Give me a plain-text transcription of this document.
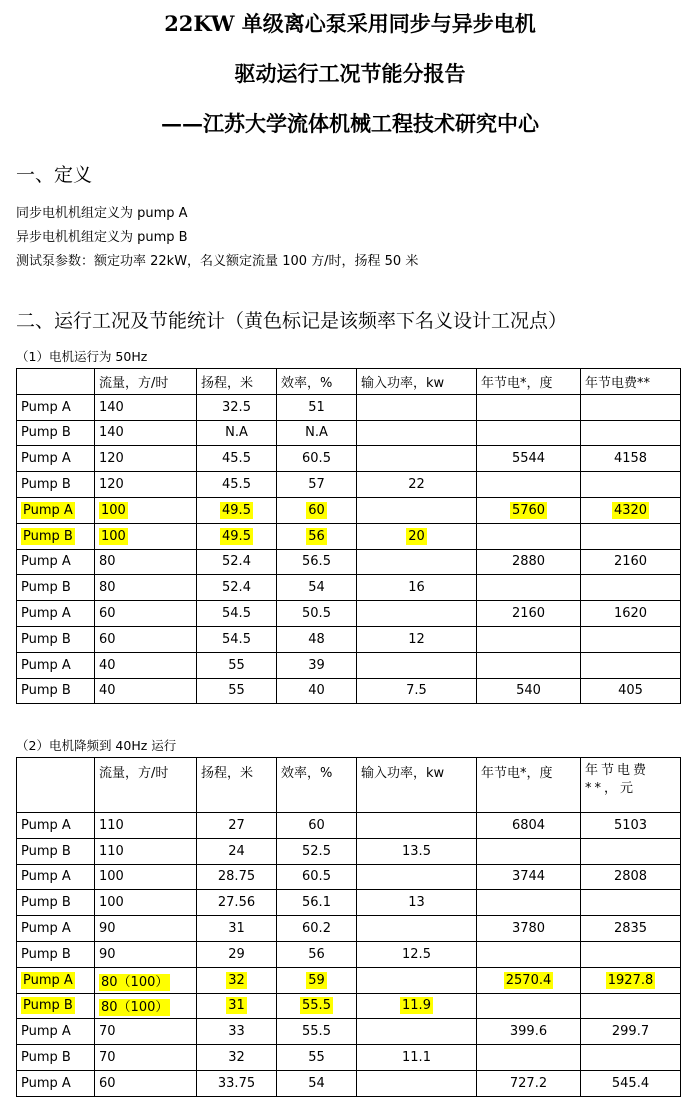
22KW 单级离心泵采用同步与异步电机
驱动运行工况节能分报告
——江苏大学流体机械工程技术研究中心
一、定义
同步电机机组定义为 pump A
异步电机机组定义为 pump B
测试泵参数：额定功率 22kW，名义额定流量 100 方/时，扬程 50 米
二、运行工况及节能统计（黄色标记是该频率下名义设计工况点）
（1）电机运行为 50Hz
	流量，方/时	扬程，米	效率，%	输入功率，kw	年节电*，度	年节电费**
Pump A	140	32.5	51			
Pump B	140	N.A	N.A			
Pump A	120	45.5	60.5		5544	4158
Pump B	120	45.5	57	22		
Pump A	100	49.5	60		5760	4320
Pump B	100	49.5	56	20		
Pump A	80	52.4	56.5		2880	2160
Pump B	80	52.4	54	16		
Pump A	60	54.5	50.5		2160	1620
Pump B	60	54.5	48	12		
Pump A	40	55	39			
Pump B	40	55	40	7.5	540	405
（2）电机降频到 40Hz 运行
	流量，方/时	扬程，米	效率，%	输入功率，kw	年节电*，度	年节电费**，元
Pump A	110	27	60		6804	5103
Pump B	110	24	52.5	13.5		
Pump A	100	28.75	60.5		3744	2808
Pump B	100	27.56	56.1	13		
Pump A	90	31	60.2		3780	2835
Pump B	90	29	56	12.5		
Pump A	80（100）	32	59		2570.4	1927.8
Pump B	80（100）	31	55.5	11.9		
Pump A	70	33	55.5		399.6	299.7
Pump B	70	32	55	11.1		
Pump A	60	33.75	54		727.2	545.4
